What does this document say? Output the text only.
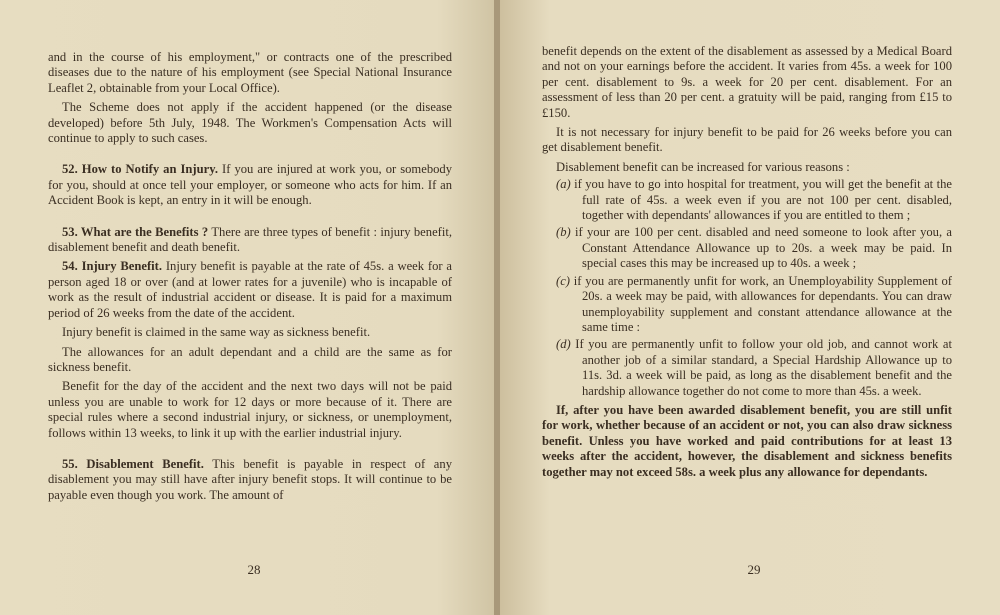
and in the course of his employment," or contracts one of the prescribed diseases due to the nature of his employment (see Special National Insurance Leaflet 2, obtainable from your Local Office).

The Scheme does not apply if the accident happened (or the disease developed) before 5th July, 1948. The Workmen's Compensation Acts will continue to apply to such cases.

52. How to Notify an Injury. If you are injured at work you, or somebody for you, should at once tell your employer, or someone who acts for him. If an Accident Book is kept, an entry in it will be enough.

53. What are the Benefits ? There are three types of benefit : injury benefit, disablement benefit and death benefit.

54. Injury Benefit. Injury benefit is payable at the rate of 45s. a week for a person aged 18 or over (and at lower rates for a juvenile) who is incapable of work as the result of industrial accident or disease. It is paid for a maximum period of 26 weeks from the date of the accident.

Injury benefit is claimed in the same way as sickness benefit.

The allowances for an adult dependant and a child are the same as for sickness benefit.

Benefit for the day of the accident and the next two days will not be paid unless you are unable to work for 12 days or more because of it. There are special rules where a second industrial injury, or sickness, or unemployment, follows within 13 weeks, to link it up with the earlier industrial injury.

55. Disablement Benefit. This benefit is payable in respect of any disablement you may still have after injury benefit stops. It will continue to be payable even though you work. The amount of

28

benefit depends on the extent of the disablement as assessed by a Medical Board and not on your earnings before the accident. It varies from 45s. a week for 100 per cent. disablement to 9s. a week for 20 per cent. disablement. For an assessment of less than 20 per cent. a gratuity will be paid, ranging from £15 to £150.

It is not necessary for injury benefit to be paid for 26 weeks before you can get disablement benefit.

Disablement benefit can be increased for various reasons :

(a) if you have to go into hospital for treatment, you will get the benefit at the full rate of 45s. a week even if you are not 100 per cent. disabled, together with dependants' allowances if you are entitled to them ;

(b) if your are 100 per cent. disabled and need someone to look after you, a Constant Attendance Allowance up to 20s. a week may be paid. In special cases this may be increased up to 40s. a week ;

(c) if you are permanently unfit for work, an Unemployability Supplement of 20s. a week may be paid, with allowances for dependants. You can draw unemployability supplement and constant attendance allowance at the same time :

(d) If you are permanently unfit to follow your old job, and cannot work at another job of a similar standard, a Special Hardship Allowance up to 11s. 3d. a week will be paid, as long as the disablement benefit and the hardship allowance together do not come to more than 45s. a week.

If, after you have been awarded disablement benefit, you are still unfit for work, whether because of an accident or not, you can also draw sickness benefit. Unless you have worked and paid contributions for at least 13 weeks after the accident, however, the disablement and sickness benefits together may not exceed 58s. a week plus any allowance for dependants.

29
